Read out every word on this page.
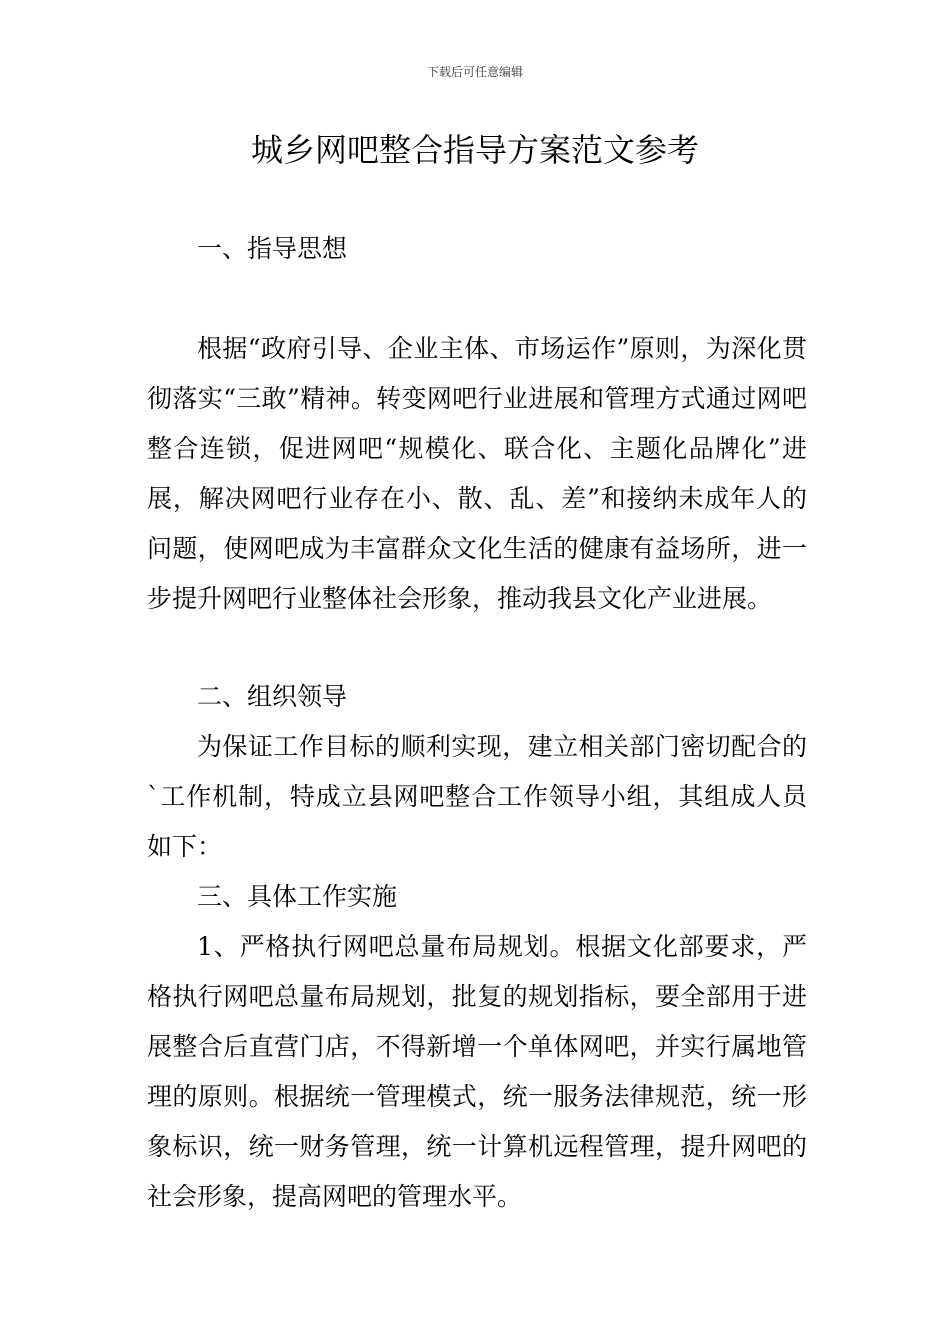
下载后可任意编辑
城乡网吧整合指导方案范文参考

一、指导思想

根据“政府引导、企业主体、市场运作”原则，为深化贯彻落实“三敢”精神。转变网吧行业进展和管理方式通过网吧整合连锁，促进网吧“规模化、联合化、主题化品牌化”进展，解决网吧行业存在小、散、乱、差”和接纳未成年人的问题，使网吧成为丰富群众文化生活的健康有益场所，进一步提升网吧行业整体社会形象，推动我县文化产业进展。

二、组织领导

为保证工作目标的顺利实现，建立相关部门密切配合的`工作机制，特成立县网吧整合工作领导小组，其组成人员如下：

三、具体工作实施

1、严格执行网吧总量布局规划。根据文化部要求，严格执行网吧总量布局规划，批复的规划指标，要全部用于进展整合后直营门店，不得新增一个单体网吧，并实行属地管理的原则。根据统一管理模式，统一服务法律规范，统一形象标识，统一财务管理，统一计算机远程管理，提升网吧的社会形象，提高网吧的管理水平。
